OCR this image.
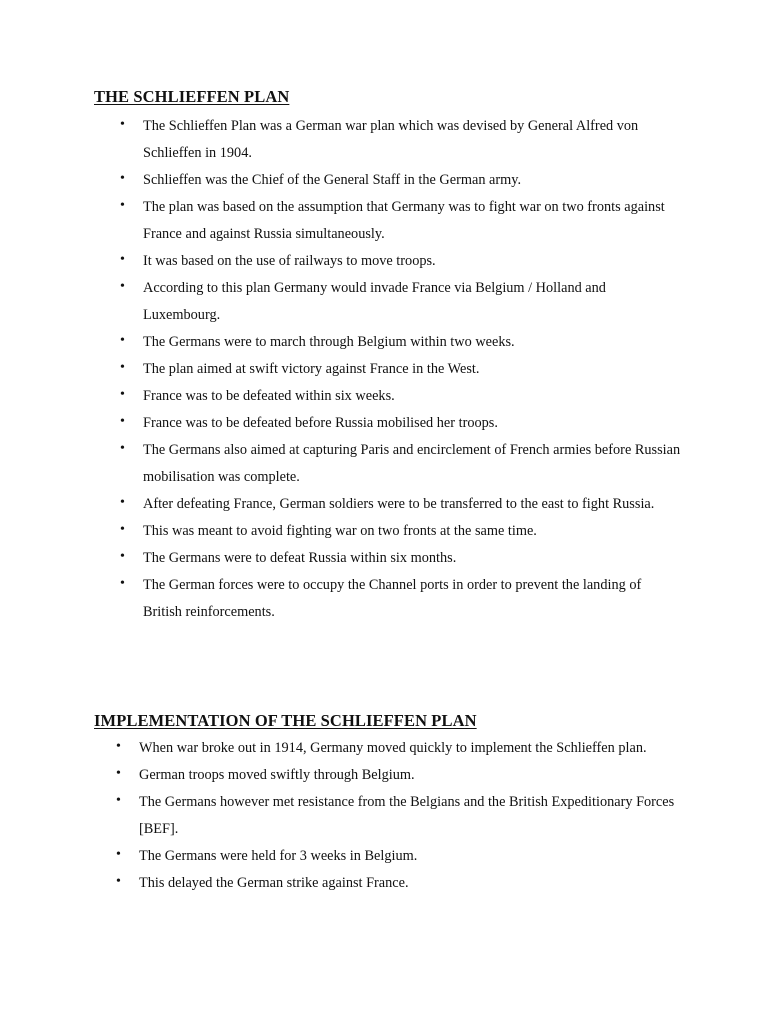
THE SCHLIEFFEN PLAN
• The Schlieffen Plan was a German war plan which was devised by General Alfred von Schlieffen in 1904.
• Schlieffen was the Chief of the General Staff in the German army.
• The plan was based on the assumption that Germany was to fight war on two fronts against France and against Russia simultaneously.
• It was based on the use of railways to move troops.
• According to this plan Germany would invade France via Belgium / Holland and Luxembourg.
• The Germans were to march through Belgium within two weeks.
• The plan aimed at swift victory against France in the West.
• France was to be defeated within six weeks.
• France was to be defeated before Russia mobilised her troops.
• The Germans also aimed at capturing Paris and encirclement of French armies before Russian mobilisation was complete.
• After defeating France, German soldiers were to be transferred to the east to fight Russia.
• This was meant to avoid fighting war on two fronts at the same time.
• The Germans were to defeat Russia within six months.
• The German forces were to occupy the Channel ports in order to prevent the landing of British reinforcements.
IMPLEMENTATION OF THE SCHLIEFFEN PLAN
• When war broke out in 1914, Germany moved quickly to implement the Schlieffen plan.
• German troops moved swiftly through Belgium.
• The Germans however met resistance from the Belgians and the British Expeditionary Forces [BEF].
• The Germans were held for 3 weeks in Belgium.
• This delayed the German strike against France.
